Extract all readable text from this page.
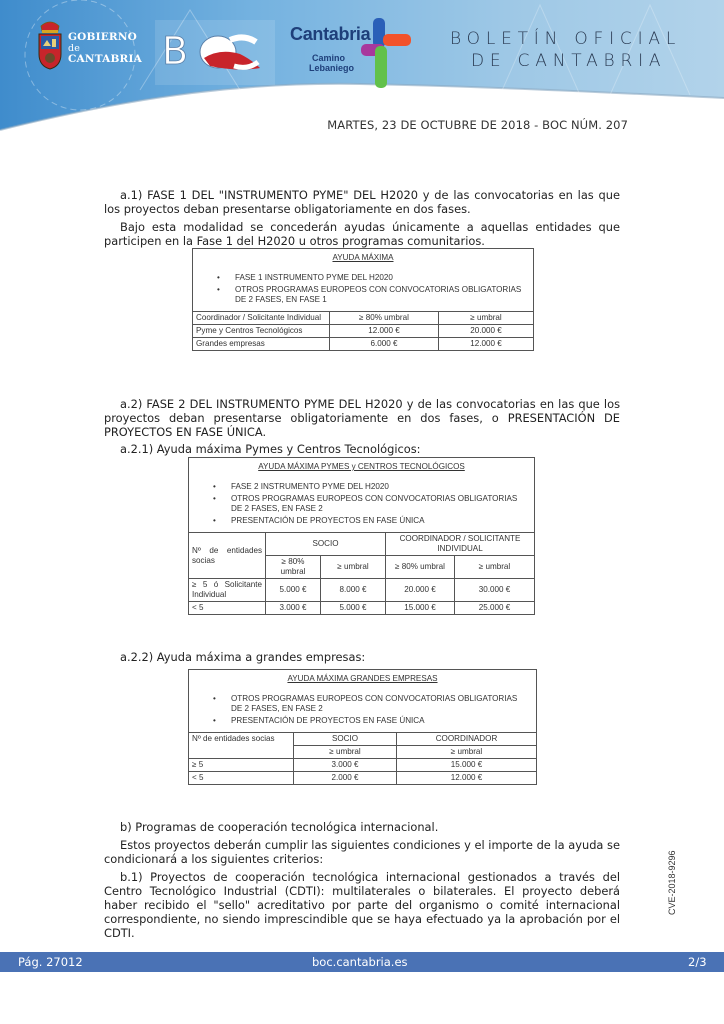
GOBIERNO
de
CANTABRIA B	Cantabria
Camino
Lebaniego
BOLETÍN OFICIAL
DE CANTABRIA
MARTES, 23 DE OCTUBRE DE 2018 - BOC NÚM. 207

a.1) FASE 1 DEL "INSTRUMENTO PYME" DEL H2020 y de las convocatorias en las que los proyectos deban presentarse obligatoriamente en dos fases.

Bajo esta modalidad se concederán ayudas únicamente a aquellas entidades que participen en la Fase 1 del H2020 u otros programas comunitarios.

AYUDA MÁXIMA
• FASE 1 INSTRUMENTO PYME DEL H2020
• OTROS PROGRAMAS EUROPEOS CON CONVOCATORIAS OBLIGATORIAS DE 2 FASES, EN FASE 1

Coordinador / Solicitante Individual	≥ 80% umbral	≥ umbral
Pyme y Centros Tecnológicos	12.000 €	20.000 €
Grandes empresas	6.000 €	12.000 €

a.2) FASE 2 DEL INSTRUMENTO PYME DEL H2020 y de las convocatorias en las que los proyectos deban presentarse obligatoriamente en dos fases, o PRESENTACIÓN DE PROYECTOS EN FASE ÚNICA.

a.2.1) Ayuda máxima Pymes y Centros Tecnológicos:

AYUDA MÁXIMA PYMES y CENTROS TECNOLÓGICOS
• FASE 2 INSTRUMENTO PYME DEL H2020
• OTROS PROGRAMAS EUROPEOS CON CONVOCATORIAS OBLIGATORIAS DE 2 FASES, EN FASE 2
• PRESENTACIÓN DE PROYECTOS EN FASE ÚNICA

Nº de entidades socias	SOCIO		COORDINADOR / SOLICITANTE INDIVIDUAL	
	≥ 80% umbral	≥ umbral	≥ 80% umbral	≥ umbral
≥ 5 ó Solicitante Individual	5.000 €	8.000 €	20.000 €	30.000 €
< 5	3.000 €	5.000 €	15.000 €	25.000 €

a.2.2) Ayuda máxima a grandes empresas:

AYUDA MÁXIMA GRANDES EMPRESAS
• OTROS PROGRAMAS EUROPEOS CON CONVOCATORIAS OBLIGATORIAS DE 2 FASES, EN FASE 2
• PRESENTACIÓN DE PROYECTOS EN FASE ÚNICA

Nº de entidades socias	SOCIO	COORDINADOR
	≥ umbral	≥ umbral
≥ 5	3.000 €	15.000 €
< 5	2.000 €	12.000 €

b) Programas de cooperación tecnológica internacional.

Estos proyectos deberán cumplir las siguientes condiciones y el importe de la ayuda se condicionará a los siguientes criterios:

b.1) Proyectos de cooperación tecnológica internacional gestionados a través del Centro Tecnológico Industrial (CDTI): multilaterales o bilaterales. El proyecto deberá haber recibido el "sello" acreditativo por parte del organismo o comité internacional correspondiente, no siendo imprescindible que se haya efectuado ya la aprobación por el CDTI.

CVE-2018-9296
Pág. 27012	boc.cantabria.es	2/3
